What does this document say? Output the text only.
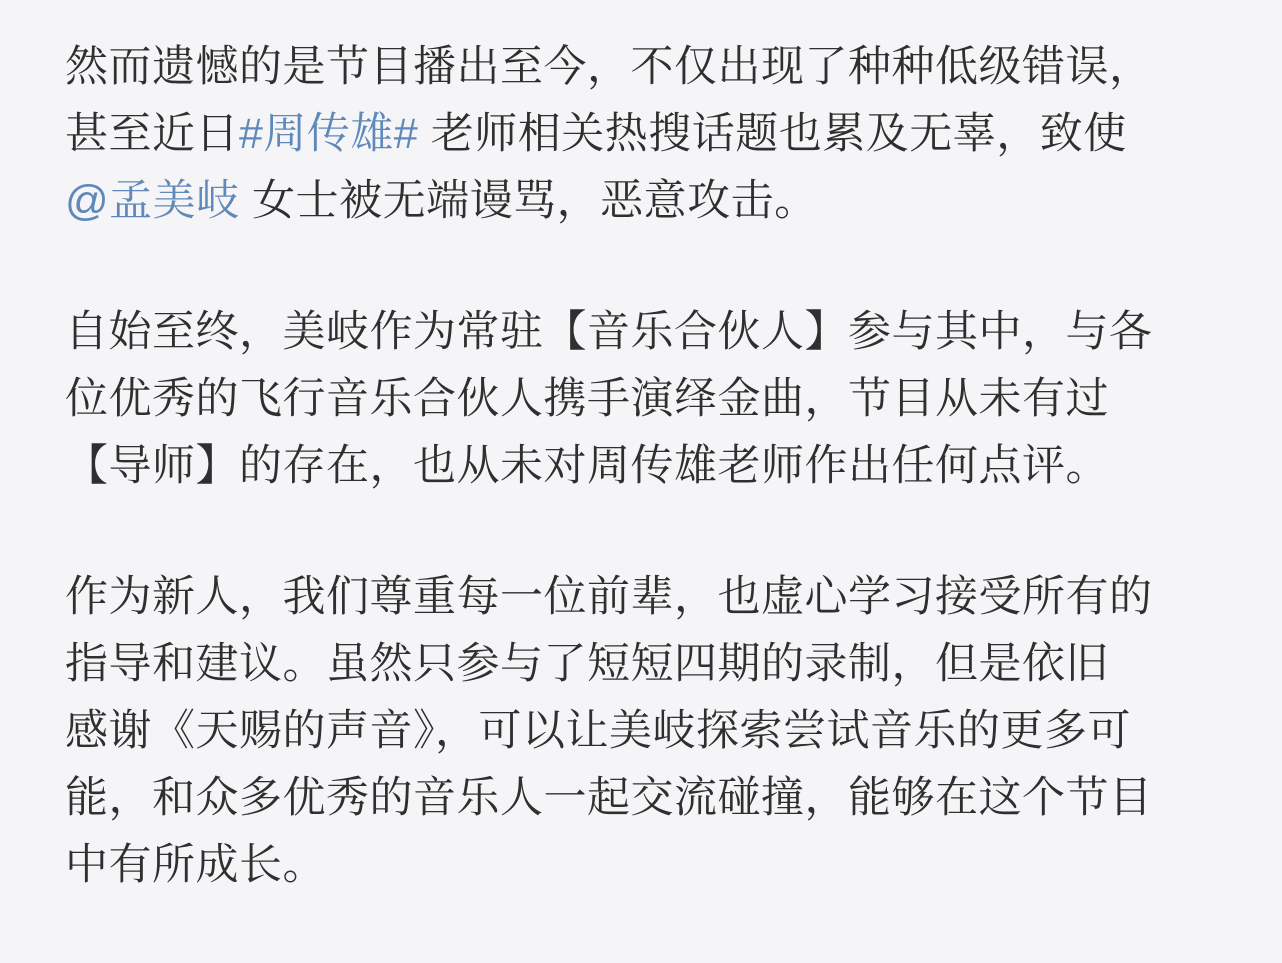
然而遗憾的是节目播出至今，不仅出现了种种低级错误，
甚至近日#周传雄# 老师相关热搜话题也累及无辜，致使
@孟美岐 女士被无端谩骂，恶意攻击。

自始至终，美岐作为常驻【音乐合伙人】参与其中，与各
位优秀的飞行音乐合伙人携手演绎金曲，节目从未有过
【导师】的存在，也从未对周传雄老师作出任何点评。

作为新人，我们尊重每一位前辈，也虚心学习接受所有的
指导和建议。虽然只参与了短短四期的录制，但是依旧
感谢《天赐的声音》，可以让美岐探索尝试音乐的更多可
能，和众多优秀的音乐人一起交流碰撞，能够在这个节目
中有所成长。
